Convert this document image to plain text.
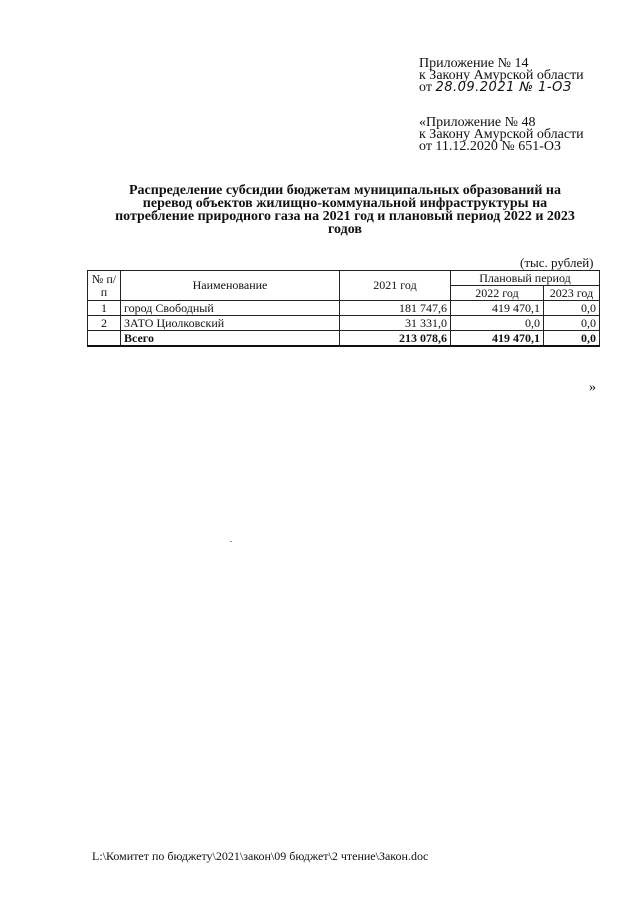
Приложение № 14
к Закону Амурской области
от 28.09.2021 № 1-ОЗ
«Приложение № 48
к Закону Амурской области
от 11.12.2020 № 651-ОЗ
Распределение субсидии бюджетам муниципальных образований на
перевод объектов жилищно-коммунальной инфраструктуры на
потребление природного газа на 2021 год и плановый период 2022 и 2023
годов
(тыс. рублей)
№ п/п	Наименование	2021 год	Плановый период	
			2022 год	2023 год
1	город Свободный	181 747,6	419 470,1	0,0
2	ЗАТО Циолковский	31 331,0	0,0	0,0
	Всего	213 078,6	419 470,1	0,0
»
L:\Комитет по бюджету\2021\закон\09 бюджет\2 чтение\Закон.doc
